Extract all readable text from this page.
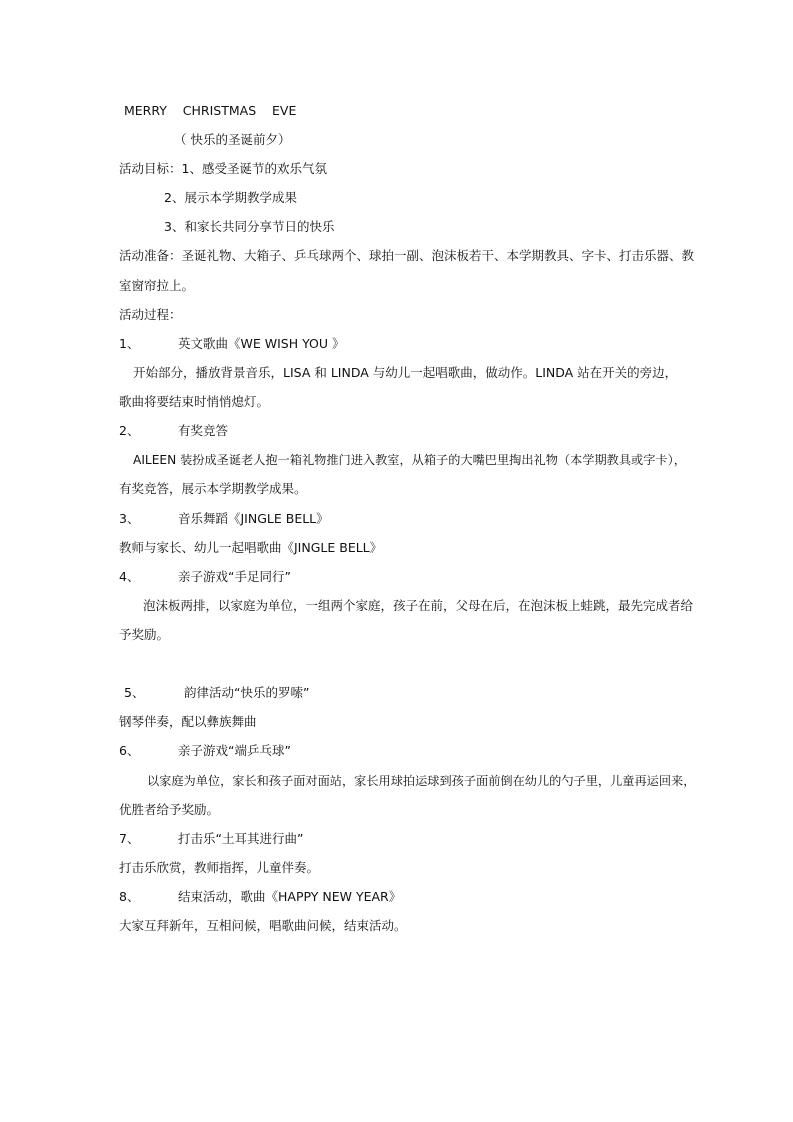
MERRY    CHRISTMAS    EVE
（ 快乐的圣诞前夕）
活动目标：1、感受圣诞节的欢乐气氛
2、展示本学期教学成果
3、和家长共同分享节日的快乐
活动准备：圣诞礼物、大箱子、乒乓球两个、球拍一副、泡沫板若干、本学期教具、字卡、打击乐器、教
室窗帘拉上。
活动过程：
1、	英文歌曲《WE WISH YOU 》
开始部分，播放背景音乐，LISA 和 LINDA 与幼儿一起唱歌曲，做动作。LINDA 站在开关的旁边，
歌曲将要结束时悄悄熄灯。
2、	有奖竞答
AILEEN 装扮成圣诞老人抱一箱礼物推门进入教室，从箱子的大嘴巴里掏出礼物（本学期教具或字卡），
有奖竞答，展示本学期教学成果。
3、	音乐舞蹈《JINGLE BELL》
教师与家长、幼儿一起唱歌曲《JINGLE BELL》
4、	亲子游戏“手足同行”
泡沫板两排，以家庭为单位，一组两个家庭，孩子在前，父母在后，在泡沫板上蛙跳，最先完成者给
予奖励。
5、	韵律活动“快乐的罗嗦”
钢琴伴奏，配以彝族舞曲
6、	亲子游戏“端乒乓球”
以家庭为单位，家长和孩子面对面站，家长用球拍运球到孩子面前倒在幼儿的勺子里，儿童再运回来，
优胜者给予奖励。
7、	打击乐“土耳其进行曲”
打击乐欣赏，教师指挥，儿童伴奏。
8、	结束活动，歌曲《HAPPY NEW YEAR》
大家互拜新年，互相问候，唱歌曲问候，结束活动。
